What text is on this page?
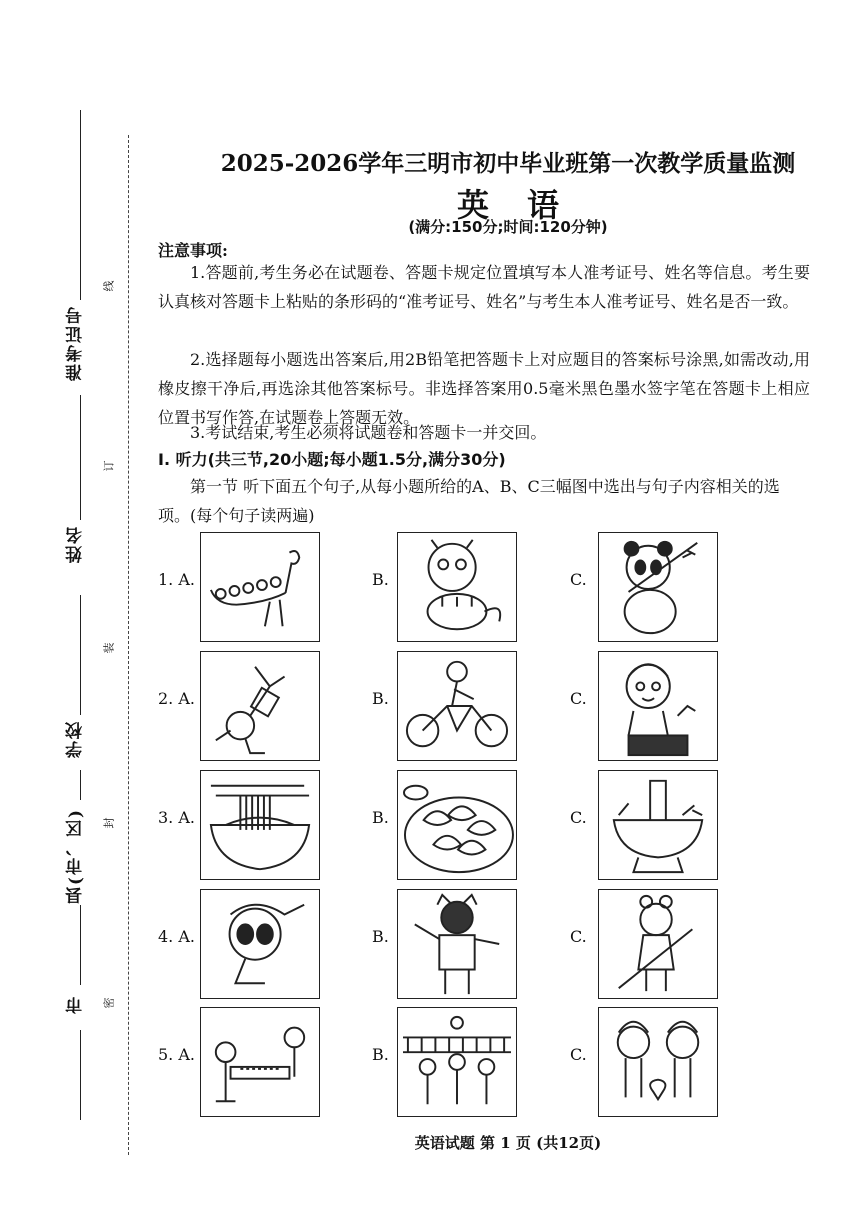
准考证号
姓名
学校
县(市、区)
市
线
订
装
封
密
2025-2026学年三明市初中毕业班第一次教学质量监测
英语
(满分:150分;时间:120分钟)
注意事项:
1.答题前,考生务必在试题卷、答题卡规定位置填写本人准考证号、姓名等信息。考生要认真核对答题卡上粘贴的条形码的“准考证号、姓名”与考生本人准考证号、姓名是否一致。
2.选择题每小题选出答案后,用2B铅笔把答题卡上对应题目的答案标号涂黑,如需改动,用橡皮擦干净后,再选涂其他答案标号。非选择答案用0.5毫米黑色墨水签字笔在答题卡上相应位置书写作答,在试题卷上答题无效。
3.考试结束,考生必须将试题卷和答题卡一并交回。
I. 听力(共三节,20小题;每小题1.5分,满分30分)
第一节 听下面五个句子,从每小题所给的A、B、C三幅图中选出与句子内容相关的选项。(每个句子读两遍)
1. A.	B.	C.
2. A.	B.	C.
3. A.	B.	C.
4. A.	B.	C.
5. A.	B.	C.
英语试题 第 1 页 (共12页)
